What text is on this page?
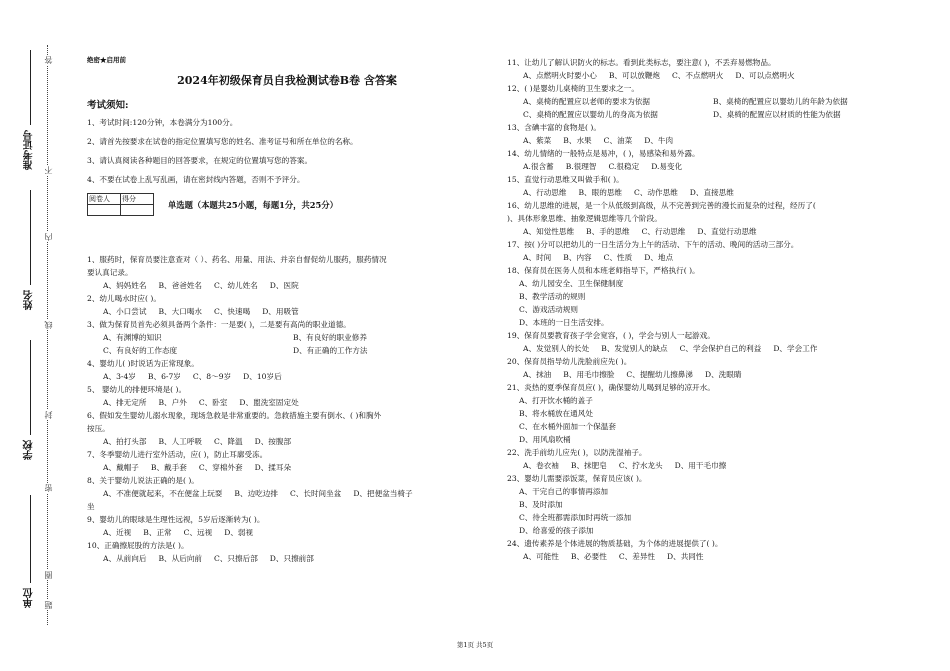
准考证号
姓名
学校
单位
答
不
内
线
封
密
圈
题
绝密★启用前
2024年初级保育员自我检测试卷B卷 含答案
考试须知:
1、考试时间:120分钟，本卷满分为100分。
2、请首先按要求在试卷的指定位置填写您的姓名、准考证号和所在单位的名称。
3、请认真阅读各种题目的回答要求，在规定的位置填写您的答案。
4、不要在试卷上乱写乱画，请在密封线内答题，否则不予评分。
阅卷人	得分

单选题（本题共25小题，每题1分，共25分）
1、服药时，保育员要注意查对（ ）、药名、用量、用法、并亲自督促幼儿服药，服药情况
要认真记录。
A、妈妈姓名 B、爸爸姓名 C、幼儿姓名 D、医院
2、幼儿喝水时应( )。
A、小口尝试 B、大口喝水 C、快速喝 D、用吸管
3、做为保育员首先必须具备两个条件：一是要( )，二是要有高尚的职业道德。
A、有渊博的知识	B、有良好的职业修养
C、有良好的工作态度	D、有正确的工作方法
4、婴幼儿( )时说话为正常现象。
A、3-4岁 B、6-7岁 C、8～9岁 D、10岁后
5、 婴幼儿的排便环境是( )。
A、排无定所 B、户外 C、卧室 D、盥洗室固定处
6、假如发生婴幼儿溺水现象，现场急救是非常重要的。急救措施主要有倒水、( )和胸外
按压。
A、拍打头部 B、人工呼吸 C、降温 D、按腹部
7、冬季婴幼儿进行室外活动，应( )，防止耳廓受冻。
A、戴帽子 B、戴手套 C、穿棉外套 D、揉耳朵
8、关于婴幼儿说法正确的是( )。
A、不准便就起来，不在便盆上玩耍 B、边吃边排 C、长时间坐盆 D、把便盆当椅子
坐
9、婴幼儿的眼球是生理性远视，5岁后逐渐转为( )。
A、近视 B、正常 C、远视 D、弱视
10、正确擦屁股的方法是( )。
A、从前向后 B、从后向前 C、只擦后部 D、只擦前部
11、让幼儿了解认识防火的标志。看到此类标志，要注意( )，不丢弃易燃物品。
A、点燃明火时要小心 B、可以放鞭炮 C、不点燃明火 D、可以点燃明火
12、( )是婴幼儿桌椅的卫生要求之一。
A、桌椅的配置应以老师的要求为依据	B、桌椅的配置应以婴幼儿的年龄为依据
C、桌椅的配置应以婴幼儿的身高为依据	D、桌椅的配置应以材质的性能为依据
13、含碘丰富的食物是( )。
A、紫菜 B、水果 C、油菜 D、牛肉
14、幼儿情绪的一般特点是易冲，( )，易感染和易外露。
A.很含蓄 B.很理智 C.很稳定 D.易变化
15、直觉行动思维又叫做手和( )。
A、行动思维 B、眼的思维 C、动作思维 D、直接思维
16、幼儿思维的进展，是一个从低级到高级，从不完善到完善的漫长而复杂的过程，经历了(
)、具体形象思维、抽象逻辑思维等几个阶段。
A、知觉性思维 B、手的思维 C、行动思维 D、直觉行动思维
17、按( )分可以把幼儿的一日生活分为上午的活动、下午的活动、晚间的活动三部分。
A、时间 B、内容 C、性质 D、地点
18、保育员在医务人员和本班老师指导下，严格执行( )。
A、幼儿园安全、卫生保健制度
B、教学活动的规则
C、游戏活动规则
D、本班的一日生活安排。
19、保育员要教育孩子学会宽容，( )，学会与别人一起游戏。
A、发觉别人的长处 B、发觉别人的缺点 C、学会保护自己的利益 D、学会工作
20、保育员指导幼儿洗脸前应先( )。
A、抹油 B、用毛巾擦脸 C、提醒幼儿擦鼻涕 D、洗眼睛
21、炎热的夏季保育员应( )，确保婴幼儿喝到足够的凉开水。
A、打开饮水桶的盖子
B、将水桶放在通风处
C、在水桶外面加一个保温套
D、用风扇吹桶
22、洗手前幼儿应先( )，以防洗湿袖子。
A、卷衣袖 B、抹肥皂 C、拧水龙头 D、用干毛巾擦
23、婴幼儿需要添饭菜，保育员应该( )。
A、干完自己的事情再添加
B、及时添加
C、待全班都需添加时再统一添加
D、给喜爱的孩子添加
24、遗传素养是个体进展的物质基础，为个体的进展提供了( )。
A、可能性 B、必要性 C、差异性 D、共同性
第1页 共5页
